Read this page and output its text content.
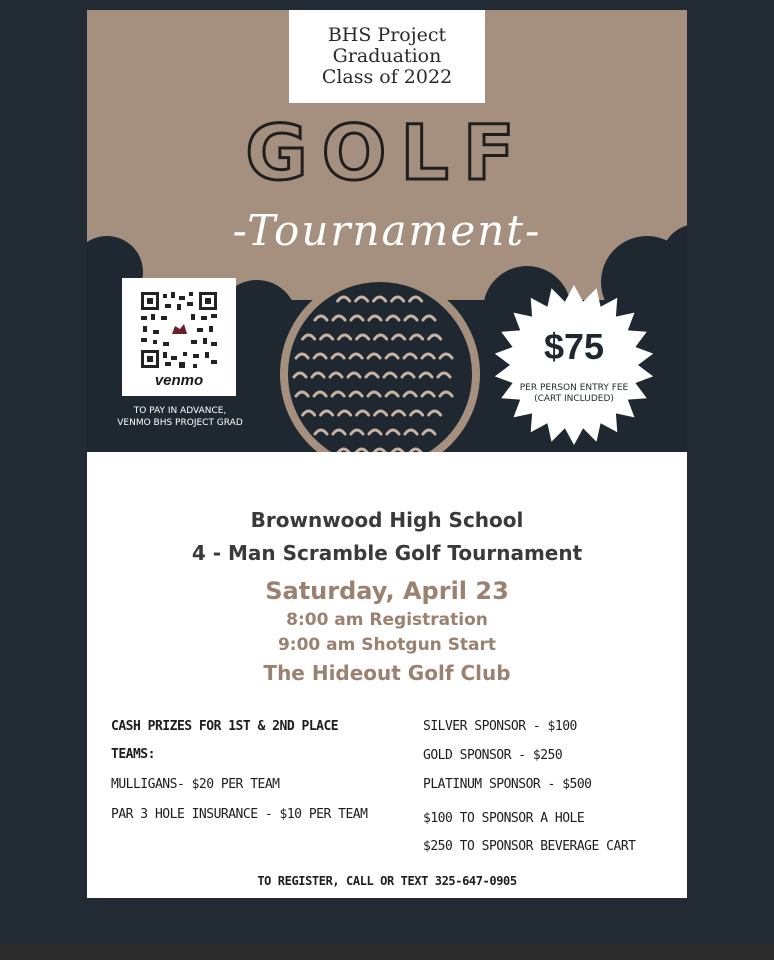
BHS Project
Graduation
Class of 2022
GOLF
-Tournament-
venmo
TO PAY IN ADVANCE,
VENMO BHS PROJECT GRAD
$75
PER PERSON ENTRY FEE
(CART INCLUDED)
Brownwood High School
4 - Man Scramble Golf Tournament
Saturday, April 23
8:00 am Registration
9:00 am Shotgun Start
The Hideout Golf Club
CASH PRIZES FOR 1ST & 2ND PLACE
TEAMS:
MULLIGANS- $20 PER TEAM
PAR 3 HOLE INSURANCE - $10 PER TEAM
SILVER SPONSOR - $100
GOLD SPONSOR - $250
PLATINUM SPONSOR - $500
$100 TO SPONSOR A HOLE
$250 TO SPONSOR BEVERAGE CART
TO REGISTER, CALL OR TEXT 325-647-0905
